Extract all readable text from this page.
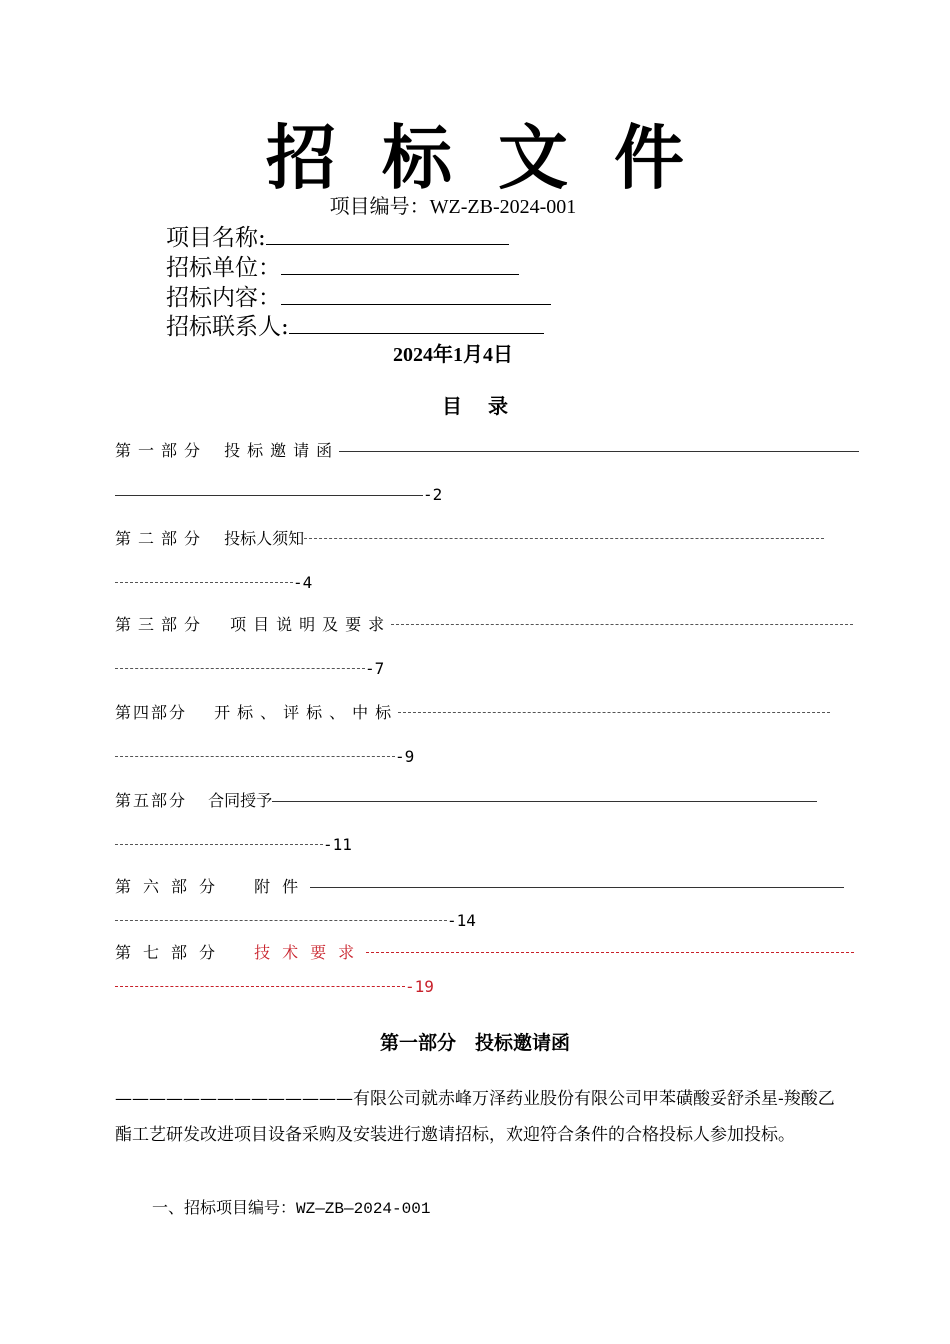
招标文件
项目编号：WZ-ZB-2024-001
项目名称:
招标单位：
招标内容：
招标联系人:
2024年1月4日
目录
第一部分 投标邀请函
-2
第二部分 投标人须知
-4
第三部分 项目说明及要求
-7
第四部分 开标、评标、中标
-9
第五部分 合同授予
-11
第六部分 附件
-14
第七部分 技术要求
-19
第一部分　投标邀请函
——————————————有限公司就赤峰万泽药业股份有限公司甲苯磺酸妥舒杀星-羧酸乙酯工艺研发改进项目设备采购及安装进行邀请招标，欢迎符合条件的合格投标人参加投标。
一、招标项目编号：WZ—ZB—2024-001
